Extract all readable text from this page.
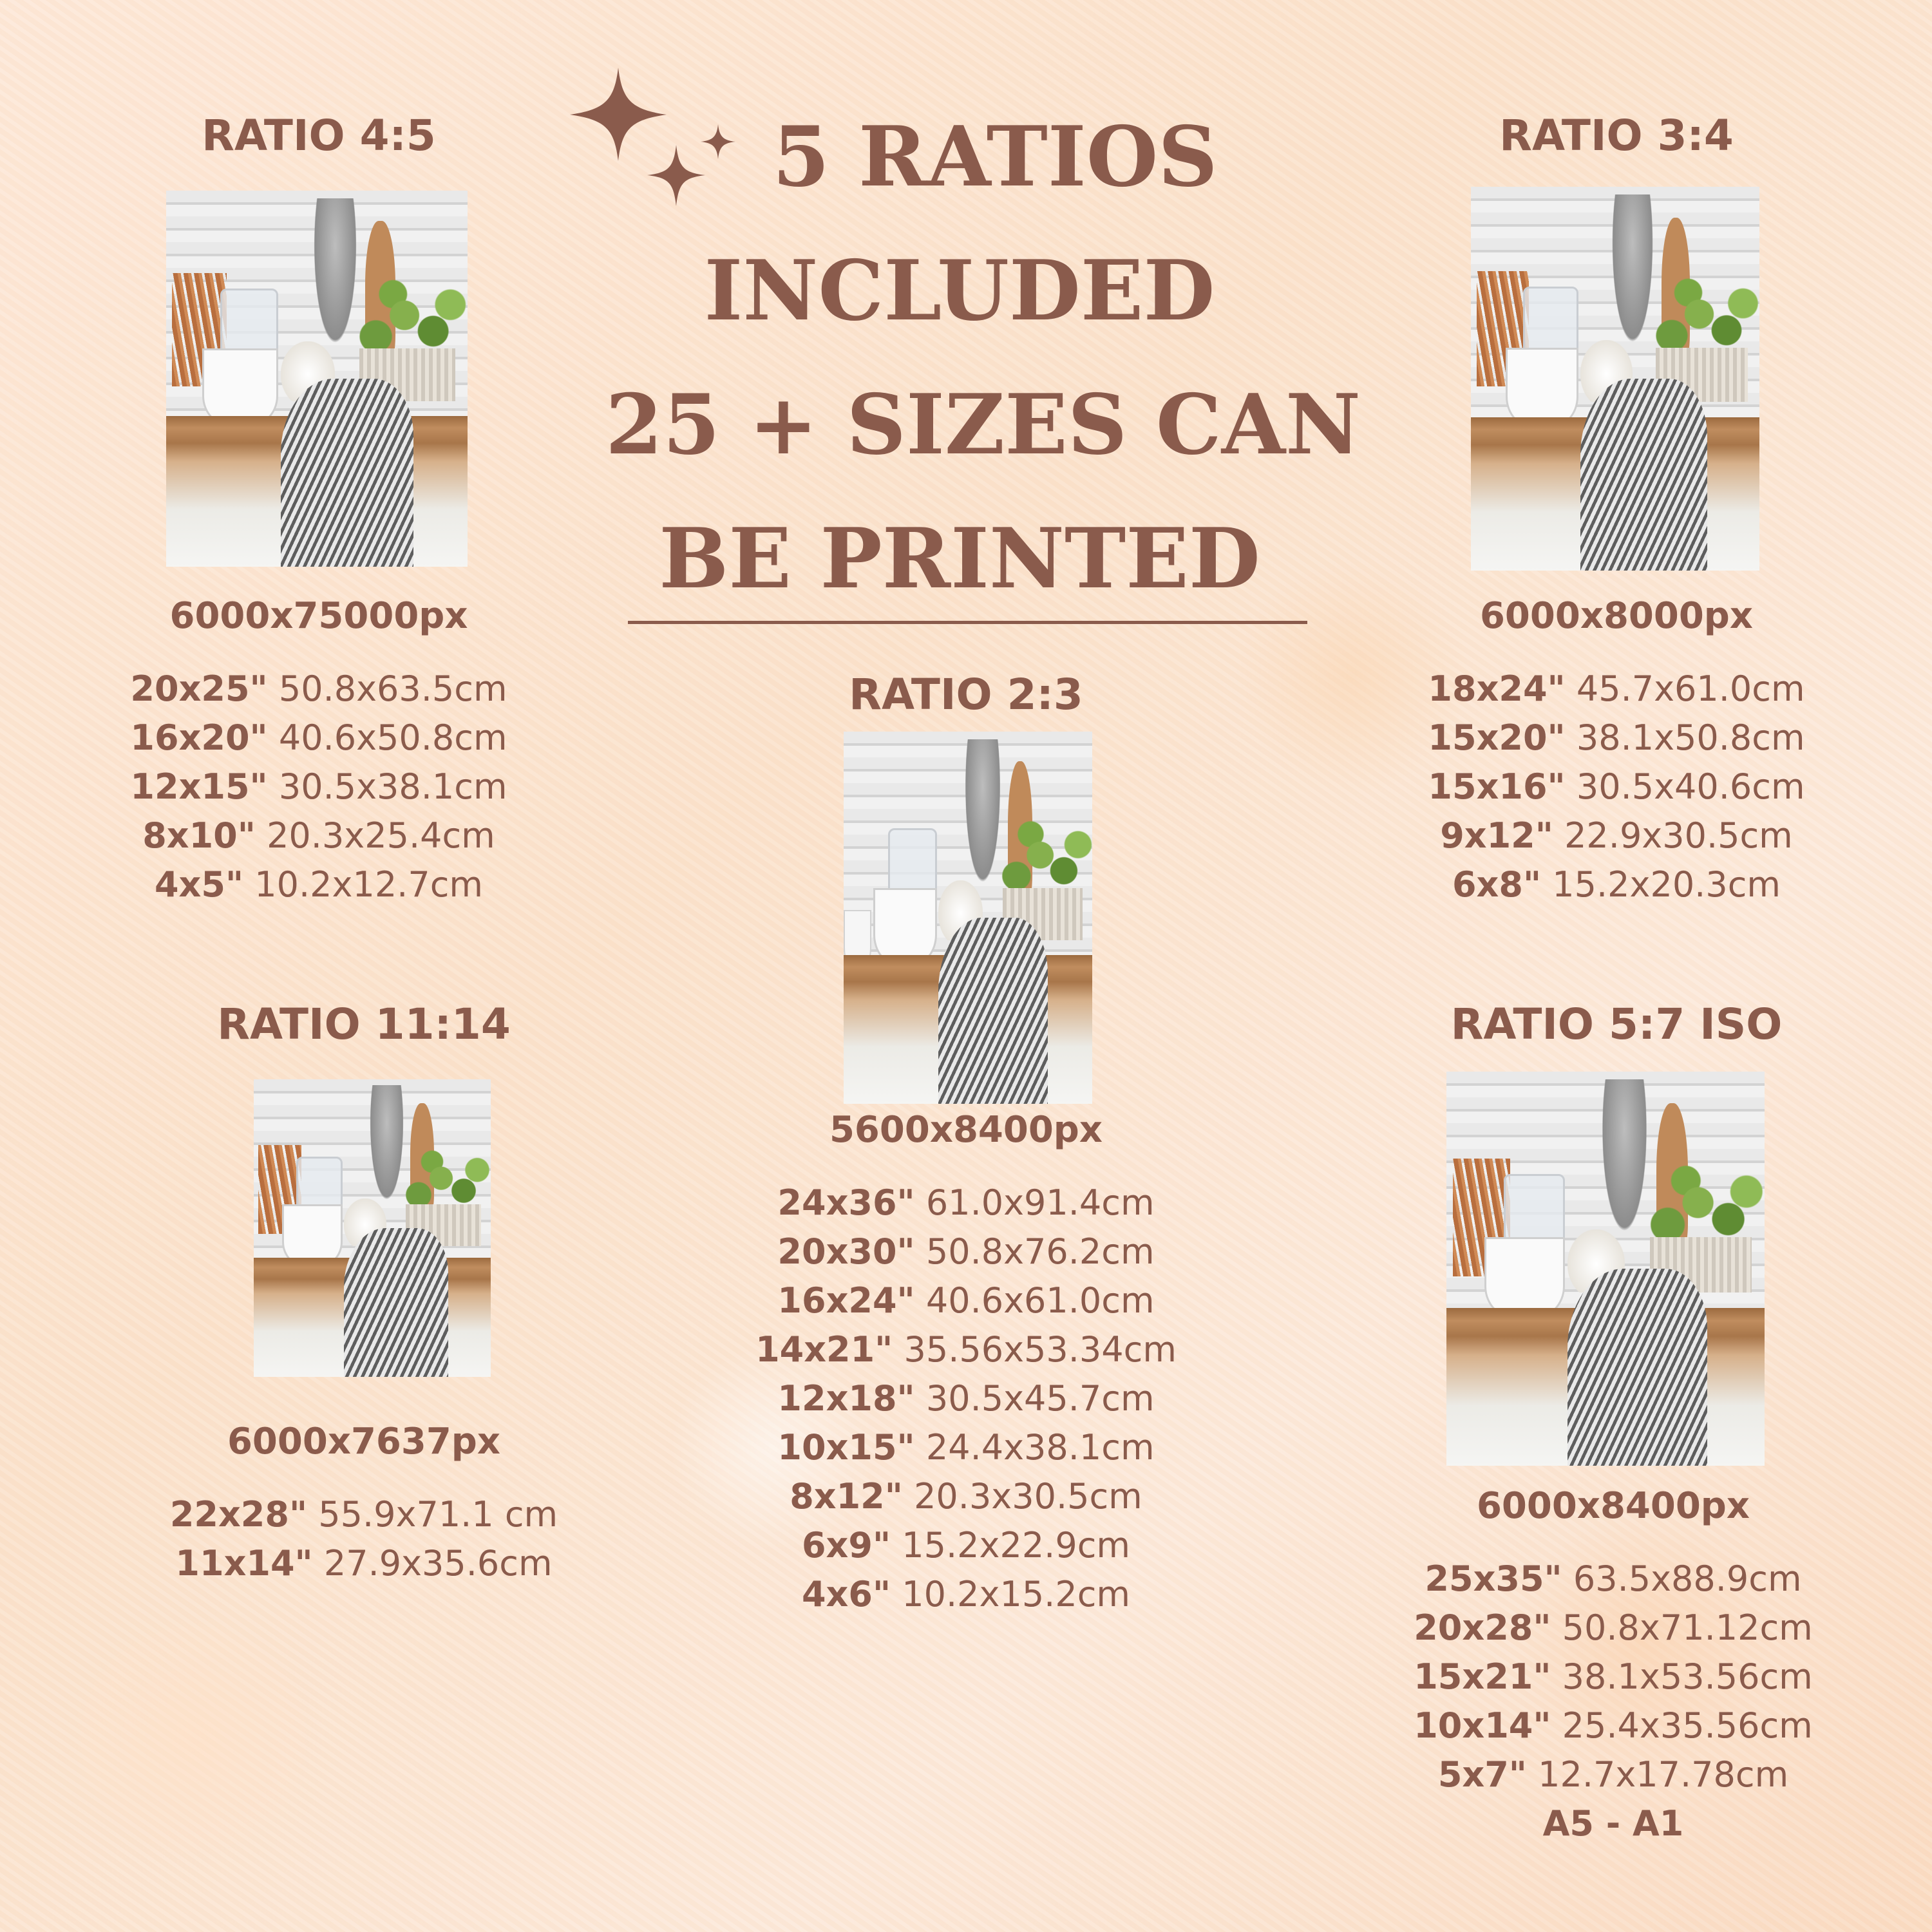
5 RATIOS
INCLUDED
25 + SIZES CAN
BE PRINTED
RATIO 4:5
6000x75000px
20x25" 50.8x63.5cm
16x20" 40.6x50.8cm
12x15" 30.5x38.1cm
8x10" 20.3x25.4cm
4x5" 10.2x12.7cm
RATIO 3:4
6000x8000px
18x24" 45.7x61.0cm
15x20" 38.1x50.8cm
15x16" 30.5x40.6cm
9x12" 22.9x30.5cm
6x8" 15.2x20.3cm
RATIO 2:3
5600x8400px
24x36" 61.0x91.4cm
20x30" 50.8x76.2cm
16x24" 40.6x61.0cm
14x21" 35.56x53.34cm
12x18" 30.5x45.7cm
10x15" 24.4x38.1cm
8x12" 20.3x30.5cm
6x9" 15.2x22.9cm
4x6" 10.2x15.2cm
RATIO 11:14
6000x7637px
22x28" 55.9x71.1 cm
11x14" 27.9x35.6cm
RATIO 5:7 ISO
6000x8400px
25x35" 63.5x88.9cm
20x28" 50.8x71.12cm
15x21" 38.1x53.56cm
10x14" 25.4x35.56cm
5x7" 12.7x17.78cm
A5 - A1
